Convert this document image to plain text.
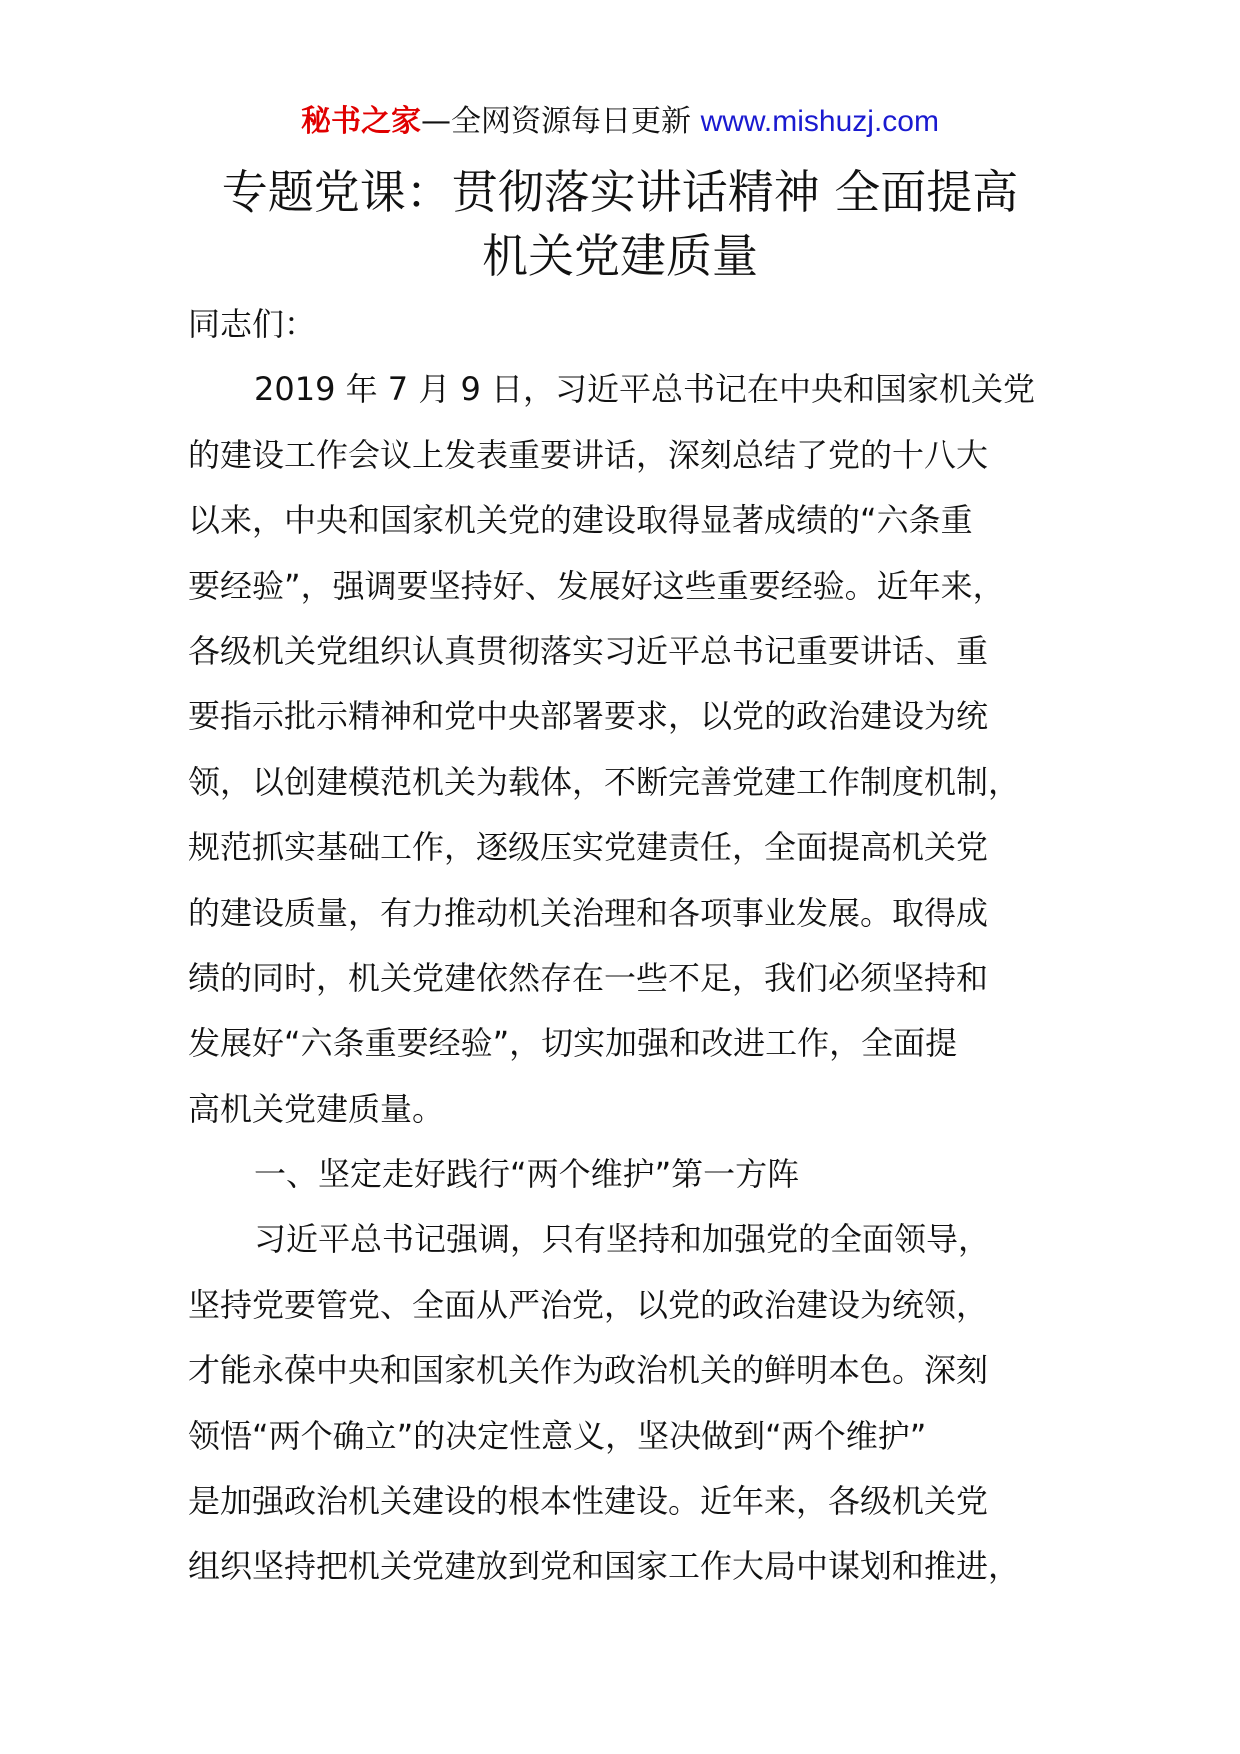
秘书之家—全网资源每日更新 www.mishuzj.com
专题党课：贯彻落实讲话精神 全面提高
机关党建质量
同志们：
2019 年 7 月 9 日，习近平总书记在中央和国家机关党
的建设工作会议上发表重要讲话，深刻总结了党的十八大
以来，中央和国家机关党的建设取得显著成绩的“六条重
要经验”，强调要坚持好、发展好这些重要经验。近年来，
各级机关党组织认真贯彻落实习近平总书记重要讲话、重
要指示批示精神和党中央部署要求，以党的政治建设为统
领，以创建模范机关为载体，不断完善党建工作制度机制，
规范抓实基础工作，逐级压实党建责任，全面提高机关党
的建设质量，有力推动机关治理和各项事业发展。取得成
绩的同时，机关党建依然存在一些不足，我们必须坚持和
发展好“六条重要经验”，切实加强和改进工作，全面提
高机关党建质量。
一、坚定走好践行“两个维护”第一方阵
习近平总书记强调，只有坚持和加强党的全面领导，
坚持党要管党、全面从严治党，以党的政治建设为统领，
才能永葆中央和国家机关作为政治机关的鲜明本色。深刻
领悟“两个确立”的决定性意义，坚决做到“两个维护”
是加强政治机关建设的根本性建设。近年来，各级机关党
组织坚持把机关党建放到党和国家工作大局中谋划和推进，
